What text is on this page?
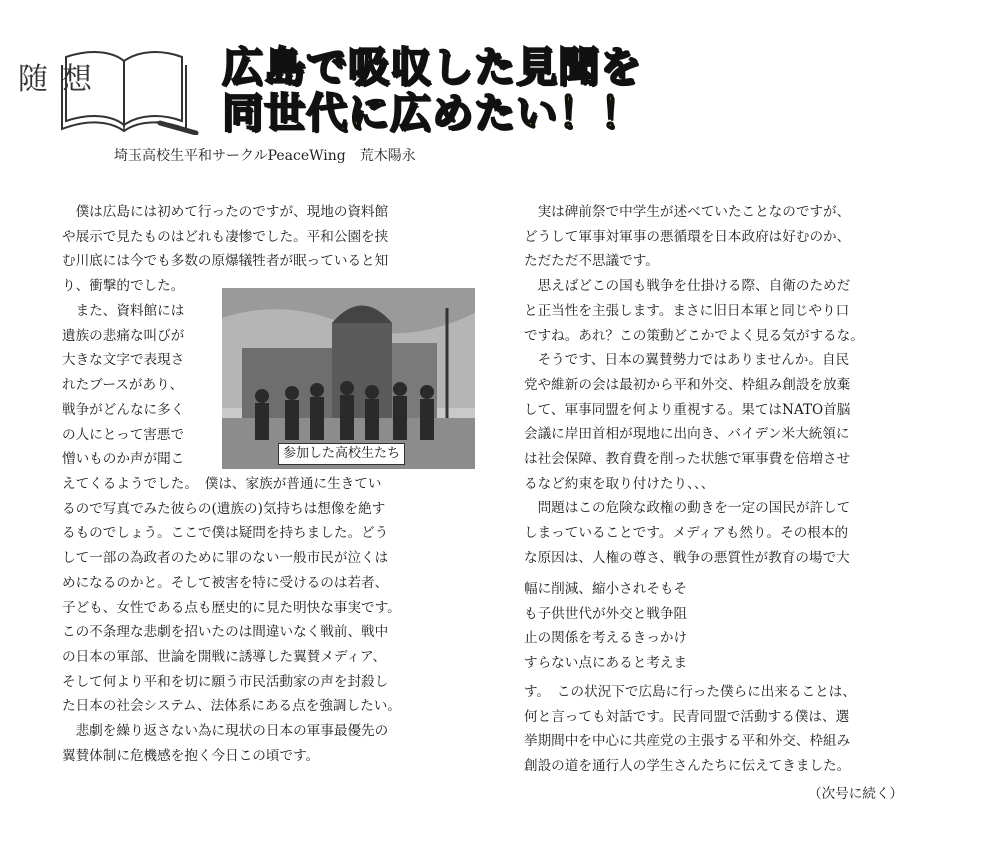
随想	広島で吸収した見聞を
同世代に広めたい！！

埼玉高校生平和サークルPeaceWing　荒木陽永

　僕は広島には初めて行ったのですが、現地の資料館
や展示で見たものはどれも凄惨でした。平和公園を挟
む川底には今でも多数の原爆犠牲者が眠っていると知
り、衝撃的でした。
　また、資料館には
遺族の悲痛な叫びが
大きな文字で表現さ
れたブースがあり、
戦争がどんなに多く
の人にとって害悪で
憎いものか声が聞こ	参加した高校生たち
えてくるようでした。　僕は、家族が普通に生きてい
るので写真でみた彼らの(遺族の)気持ちは想像を絶す
るものでしょう。ここで僕は疑問を持ちました。どう
して一部の為政者のために罪のない一般市民が泣くは
めになるのかと。そして被害を特に受けるのは若者、
子ども、女性である点も歴史的に見た明快な事実です。
この不条理な悲劇を招いたのは間違いなく戦前、戦中
の日本の軍部、世論を開戦に誘導した翼賛メディア、
そして何より平和を切に願う市民活動家の声を封殺し
た日本の社会システム、法体系にある点を強調したい。
　悲劇を繰り返さない為に現状の日本の軍事最優先の
翼賛体制に危機感を抱く今日この頃です。
　実は碑前祭で中学生が述べていたことなのですが、
どうして軍事対軍事の悪循環を日本政府は好むのか、
ただただ不思議です。
　思えばどこの国も戦争を仕掛ける際、自衛のためだ
と正当性を主張します。まさに旧日本軍と同じやり口
ですね。あれ？この策動どこかでよく見る気がするな。
　そうです、日本の翼賛勢力ではありませんか。自民
党や維新の会は最初から平和外交、枠組み創設を放棄
して、軍事同盟を何より重視する。果てはNATO首脳
会議に岸田首相が現地に出向き、バイデン米大統領に
は社会保障、教育費を削った状態で軍事費を倍増させ
るなど約束を取り付けたり、、、
　問題はこの危険な政権の動きを一定の国民が許して
しまっていることです。メディアも然り。その根本的
な原因は、人権の尊さ、戦争の悪質性が教育の場で大
幅に削減、縮小されそもそ
も子供世代が外交と戦争阻
止の関係を考えるきっかけ
すらない点にあると考えま
す。　この状況下で広島に行った僕らに出来ることは、
何と言っても対話です。民青同盟で活動する僕は、選
挙期間中を中心に共産党の主張する平和外交、枠組み
創設の道を通行人の学生さんたちに伝えてきました。
（次号に続く）
